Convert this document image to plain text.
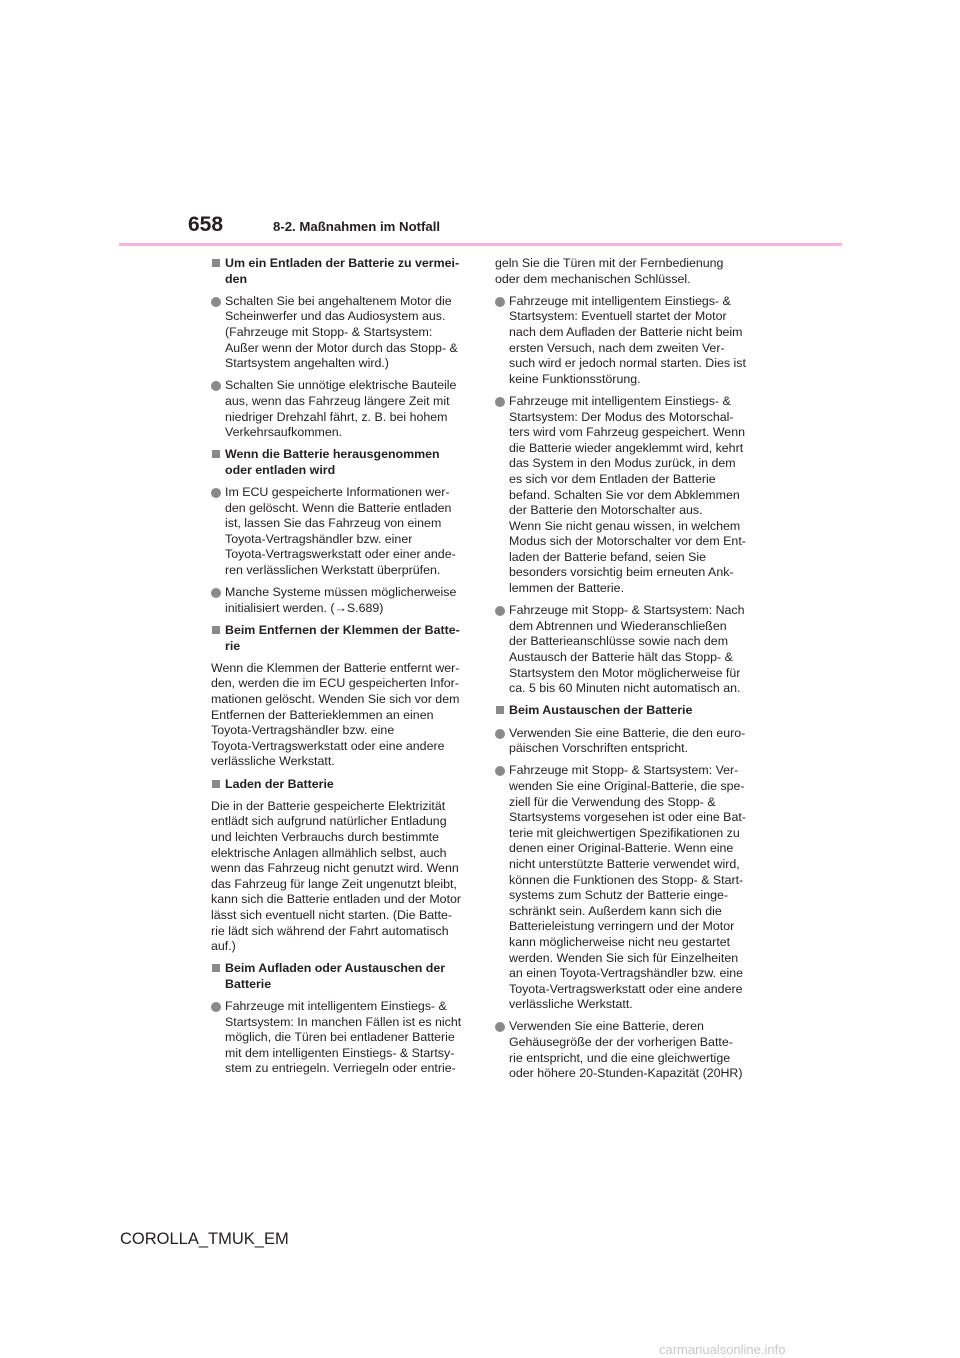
658	8-2. Maßnahmen im Notfall
Um ein Entladen der Batterie zu vermei-
den
Schalten Sie bei angehaltenem Motor die
Scheinwerfer und das Audiosystem aus.
(Fahrzeuge mit Stopp- & Startsystem:
Außer wenn der Motor durch das Stopp- &
Startsystem angehalten wird.)
Schalten Sie unnötige elektrische Bauteile
aus, wenn das Fahrzeug längere Zeit mit
niedriger Drehzahl fährt, z. B. bei hohem
Verkehrsaufkommen.
Wenn die Batterie herausgenommen
oder entladen wird
Im ECU gespeicherte Informationen wer-
den gelöscht. Wenn die Batterie entladen
ist, lassen Sie das Fahrzeug von einem
Toyota-Vertragshändler bzw. einer
Toyota-Vertragswerkstatt oder einer ande-
ren verlässlichen Werkstatt überprüfen.
Manche Systeme müssen möglicherweise
initialisiert werden. (→S.689)
Beim Entfernen der Klemmen der Batte-
rie
Wenn die Klemmen der Batterie entfernt wer-
den, werden die im ECU gespeicherten Infor-
mationen gelöscht. Wenden Sie sich vor dem
Entfernen der Batterieklemmen an einen
Toyota-Vertragshändler bzw. eine
Toyota-Vertragswerkstatt oder eine andere
verlässliche Werkstatt.
Laden der Batterie
Die in der Batterie gespeicherte Elektrizität
entlädt sich aufgrund natürlicher Entladung
und leichten Verbrauchs durch bestimmte
elektrische Anlagen allmählich selbst, auch
wenn das Fahrzeug nicht genutzt wird. Wenn
das Fahrzeug für lange Zeit ungenutzt bleibt,
kann sich die Batterie entladen und der Motor
lässt sich eventuell nicht starten. (Die Batte-
rie lädt sich während der Fahrt automatisch
auf.)
Beim Aufladen oder Austauschen der
Batterie
Fahrzeuge mit intelligentem Einstiegs- &
Startsystem: In manchen Fällen ist es nicht
möglich, die Türen bei entladener Batterie
mit dem intelligenten Einstiegs- & Startsy-
stem zu entriegeln. Verriegeln oder entrie-
geln Sie die Türen mit der Fernbedienung
oder dem mechanischen Schlüssel.
Fahrzeuge mit intelligentem Einstiegs- &
Startsystem: Eventuell startet der Motor
nach dem Aufladen der Batterie nicht beim
ersten Versuch, nach dem zweiten Ver-
such wird er jedoch normal starten. Dies ist
keine Funktionsstörung.
Fahrzeuge mit intelligentem Einstiegs- &
Startsystem: Der Modus des Motorschal-
ters wird vom Fahrzeug gespeichert. Wenn
die Batterie wieder angeklemmt wird, kehrt
das System in den Modus zurück, in dem
es sich vor dem Entladen der Batterie
befand. Schalten Sie vor dem Abklemmen
der Batterie den Motorschalter aus.
Wenn Sie nicht genau wissen, in welchem
Modus sich der Motorschalter vor dem Ent-
laden der Batterie befand, seien Sie
besonders vorsichtig beim erneuten Ank-
lemmen der Batterie.
Fahrzeuge mit Stopp- & Startsystem: Nach
dem Abtrennen und Wiederanschließen
der Batterieanschlüsse sowie nach dem
Austausch der Batterie hält das Stopp- &
Startsystem den Motor möglicherweise für
ca. 5 bis 60 Minuten nicht automatisch an.
Beim Austauschen der Batterie
Verwenden Sie eine Batterie, die den euro-
päischen Vorschriften entspricht.
Fahrzeuge mit Stopp- & Startsystem: Ver-
wenden Sie eine Original-Batterie, die spe-
ziell für die Verwendung des Stopp- &
Startsystems vorgesehen ist oder eine Bat-
terie mit gleichwertigen Spezifikationen zu
denen einer Original-Batterie. Wenn eine
nicht unterstützte Batterie verwendet wird,
können die Funktionen des Stopp- & Start-
systems zum Schutz der Batterie einge-
schränkt sein. Außerdem kann sich die
Batterieleistung verringern und der Motor
kann möglicherweise nicht neu gestartet
werden. Wenden Sie sich für Einzelheiten
an einen Toyota-Vertragshändler bzw. eine
Toyota-Vertragswerkstatt oder eine andere
verlässliche Werkstatt.
Verwenden Sie eine Batterie, deren
Gehäusegröße der der vorherigen Batte-
rie entspricht, und die eine gleichwertige
oder höhere 20-Stunden-Kapazität (20HR)
COROLLA_TMUK_EM
carmanualsonline.info
